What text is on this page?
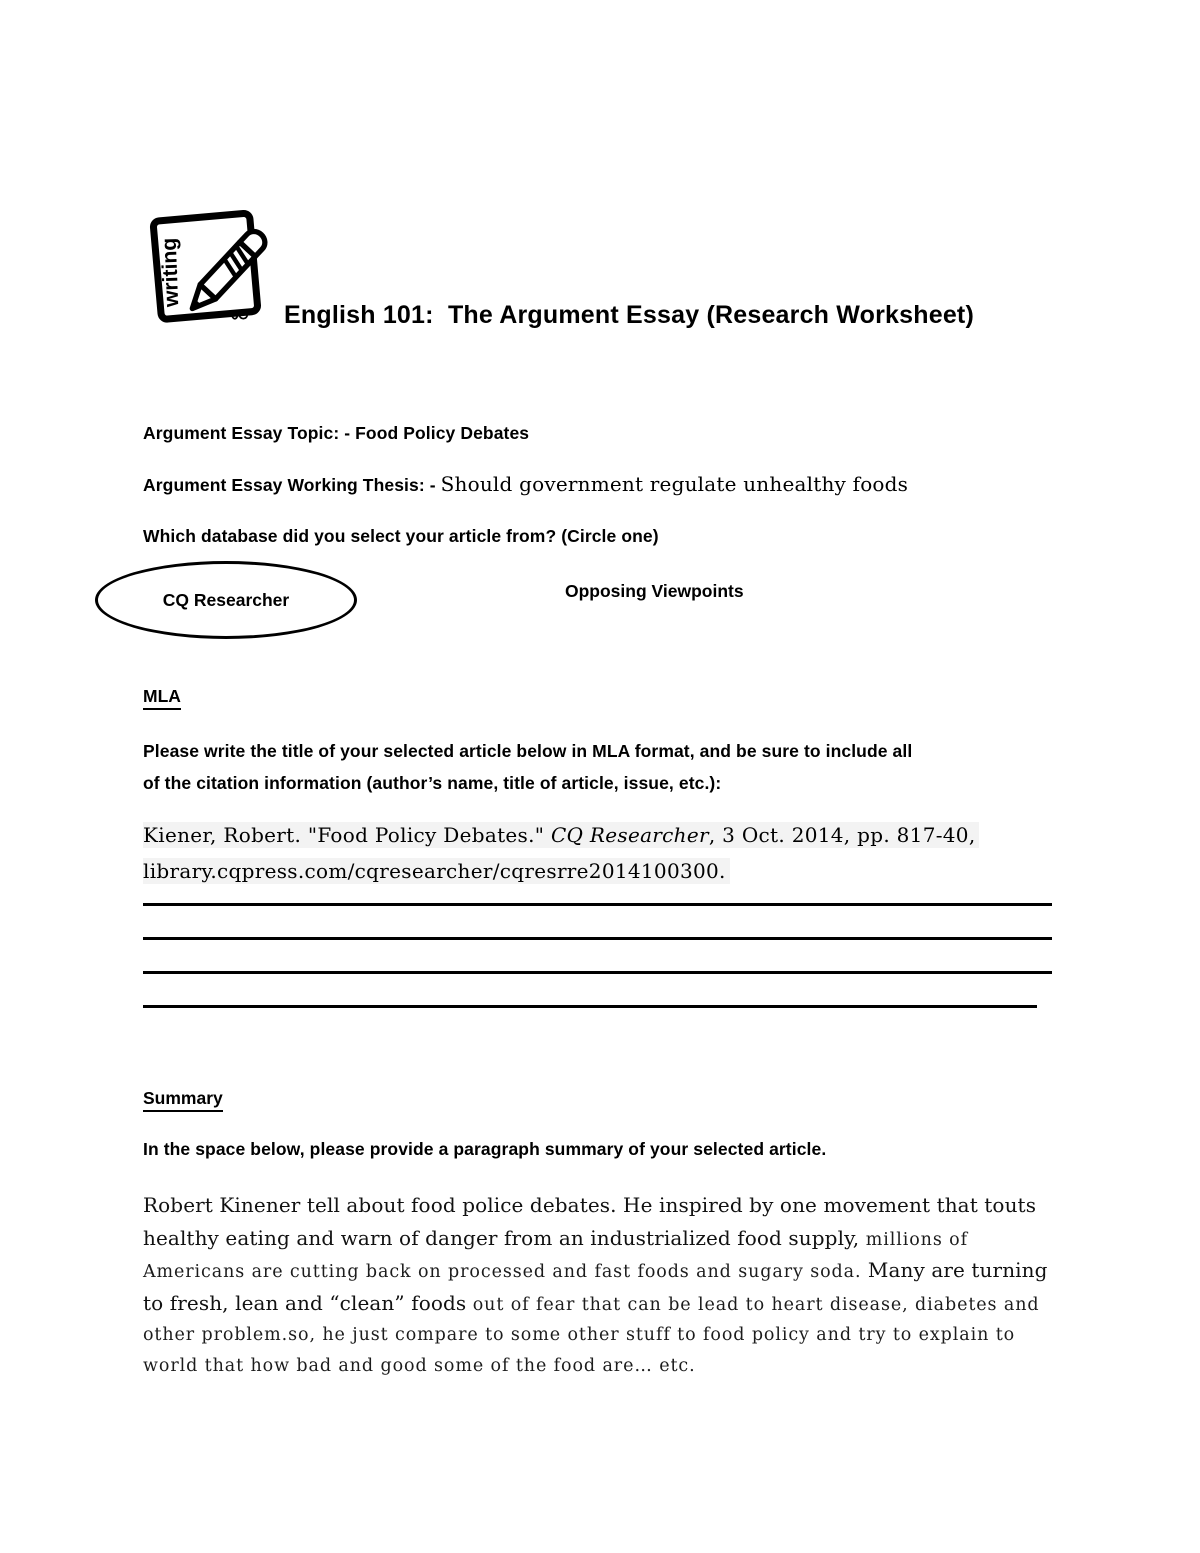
writing
English 101:  The Argument Essay (Research Worksheet)
Argument Essay Topic: - Food Policy Debates
Argument Essay Working Thesis: - Should government regulate unhealthy foods
Which database did you select your article from? (Circle one)
CQ Researcher	Opposing Viewpoints
MLA
Please write the title of your selected article below in MLA format, and be sure to include all
of the citation information (author’s name, title of article, issue, etc.):
Kiener, Robert. "Food Policy Debates." CQ Researcher, 3 Oct. 2014, pp. 817-40,
library.cqpress.com/cqresearcher/cqresrre2014100300.
Summary
In the space below, please provide a paragraph summary of your selected article.
Robert Kinener tell about food police debates. He inspired by one movement that touts healthy eating and warn of danger from an industrialized food supply, millions of Americans are cutting back on processed and fast foods and sugary soda. Many are turning to fresh, lean and “clean” foods out of fear that can be lead to heart disease, diabetes and other problem.so, he just compare to some other stuff to food policy and try to explain to world that how bad and good some of the food are… etc.
